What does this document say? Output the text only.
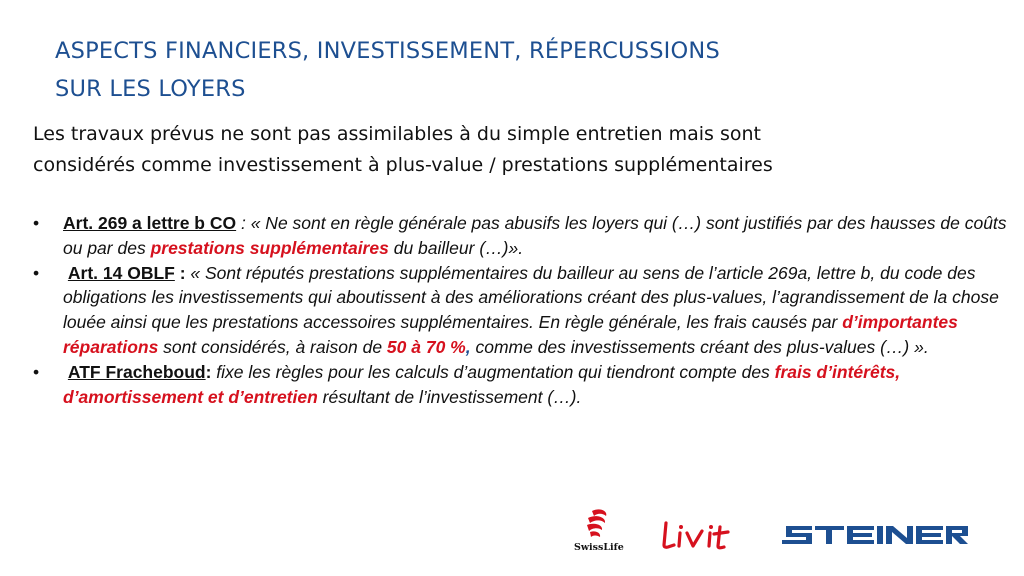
ASPECTS FINANCIERS, INVESTISSEMENT, RÉPERCUSSIONS
SUR LES LOYERS
Les travaux prévus ne sont pas assimilables à du simple entretien mais sont
considérés comme investissement à plus-value / prestations supplémentaires
• Art. 269 a lettre b CO : « Ne sont en règle générale pas abusifs les loyers qui (…) sont justifiés par des hausses de coûts ou par des prestations supplémentaires du bailleur (…)».
• Art. 14 OBLF : « Sont réputés prestations supplémentaires du bailleur au sens de l’article 269a, lettre b, du code des obligations les investissements qui aboutissent à des améliorations créant des plus-values, l’agrandissement de la chose louée ainsi que les prestations accessoires supplémentaires. En règle générale, les frais causés par d’importantes
réparations sont considérés, à raison de 50 à 70 %, comme des investissements créant des plus-values (…) ».
• ATF Fracheboud: fixe les règles pour les calculs d’augmentation qui tiendront compte des frais d’intérêts, d’amortissement et d’entretien résultant de l’investissement (…).
SwissLife
